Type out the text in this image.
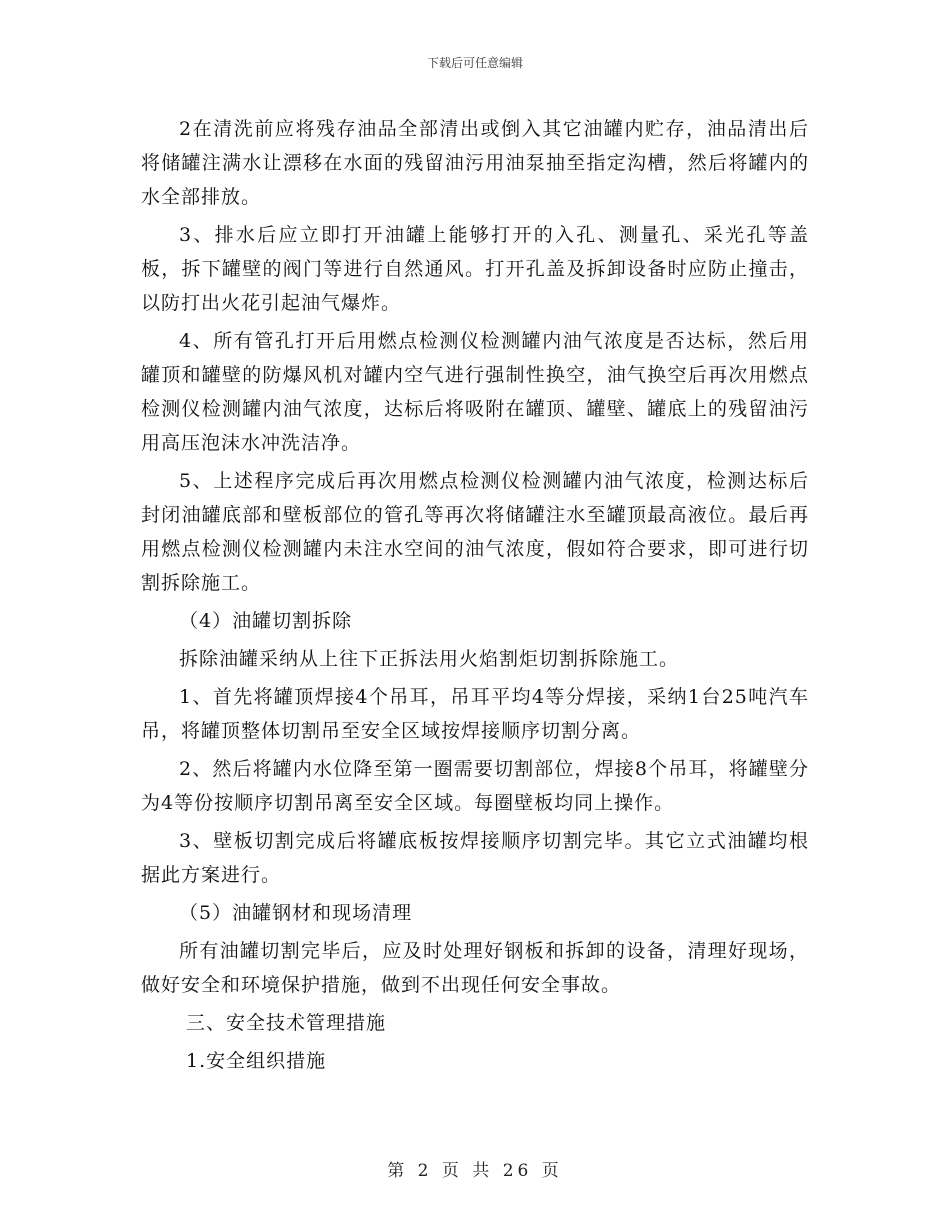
下载后可任意编辑

2在清洗前应将残存油品全部清出或倒入其它油罐内贮存，油品清出后将储罐注满水让漂移在水面的残留油污用油泵抽至指定沟槽，然后将罐内的水全部排放。

3、排水后应立即打开油罐上能够打开的入孔、测量孔、采光孔等盖板，拆下罐壁的阀门等进行自然通风。打开孔盖及拆卸设备时应防止撞击，以防打出火花引起油气爆炸。

4、所有管孔打开后用燃点检测仪检测罐内油气浓度是否达标，然后用罐顶和罐壁的防爆风机对罐内空气进行强制性换空，油气换空后再次用燃点检测仪检测罐内油气浓度，达标后将吸附在罐顶、罐壁、罐底上的残留油污用高压泡沫水冲洗洁净。

5、上述程序完成后再次用燃点检测仪检测罐内油气浓度，检测达标后封闭油罐底部和壁板部位的管孔等再次将储罐注水至罐顶最高液位。最后再用燃点检测仪检测罐内未注水空间的油气浓度，假如符合要求，即可进行切割拆除施工。

（4）油罐切割拆除

拆除油罐采纳从上往下正拆法用火焰割炬切割拆除施工。

1、首先将罐顶焊接4个吊耳，吊耳平均4等分焊接，采纳1台25吨汽车吊，将罐顶整体切割吊至安全区域按焊接顺序切割分离。

2、然后将罐内水位降至第一圈需要切割部位，焊接8个吊耳，将罐壁分为4等份按顺序切割吊离至安全区域。每圈壁板均同上操作。

3、壁板切割完成后将罐底板按焊接顺序切割完毕。其它立式油罐均根据此方案进行。

（5）油罐钢材和现场清理

所有油罐切割完毕后，应及时处理好钢板和拆卸的设备，清理好现场，做好安全和环境保护措施，做到不出现任何安全事故。

三、安全技术管理措施

1.安全组织措施

第 2 页 共 26 页
